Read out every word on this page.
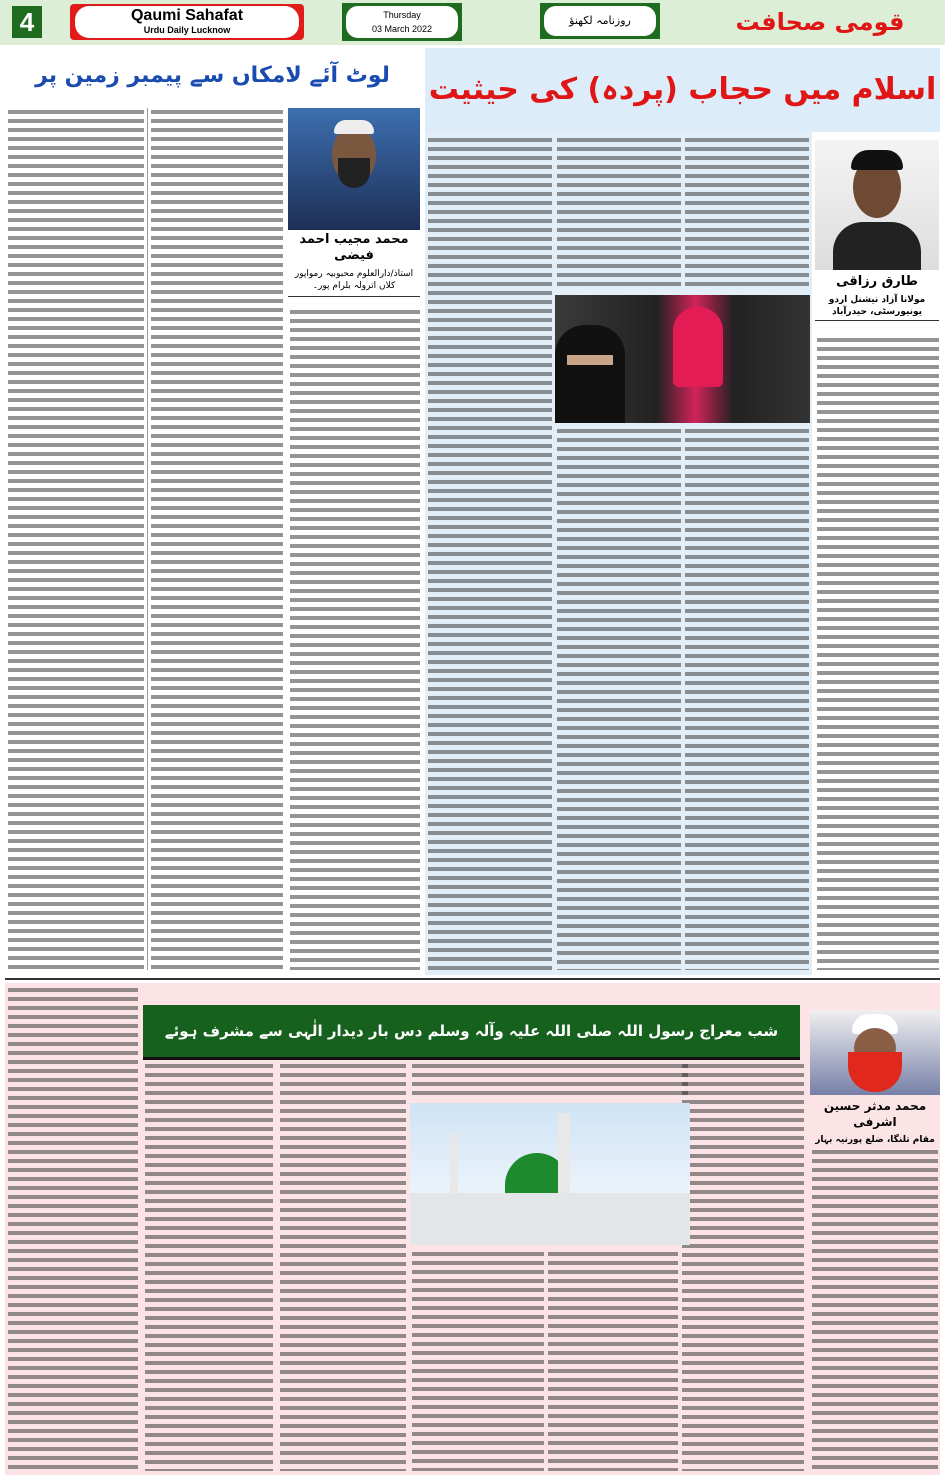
4	Qaumi Sahafat
Urdu Daily Lucknow
Thursday
03 March 2022
روزنامہ لکھنؤ	قومی صحافت
لوٹ آئے لامکاں سے پیمبر زمین پر
محمد مجیب احمد فیضی
استاذ/دارالعلوم محبوبیہ رمواپور کلاں اترولہ بلرام پور۔
اسلام میں حجاب (پردہ) کی حیثیت
طارق رزاقی
مولانا آزاد نیشنل اردو یونیورسٹی، حیدرآباد
شب معراج رسول اللہ صلی اللہ علیہ وآلہ وسلم دس بار دیدار الٰہی سے مشرف ہوئے
محمد مدثر حسین اشرفی
مقام تلنگا، ضلع پورنیہ بہار
